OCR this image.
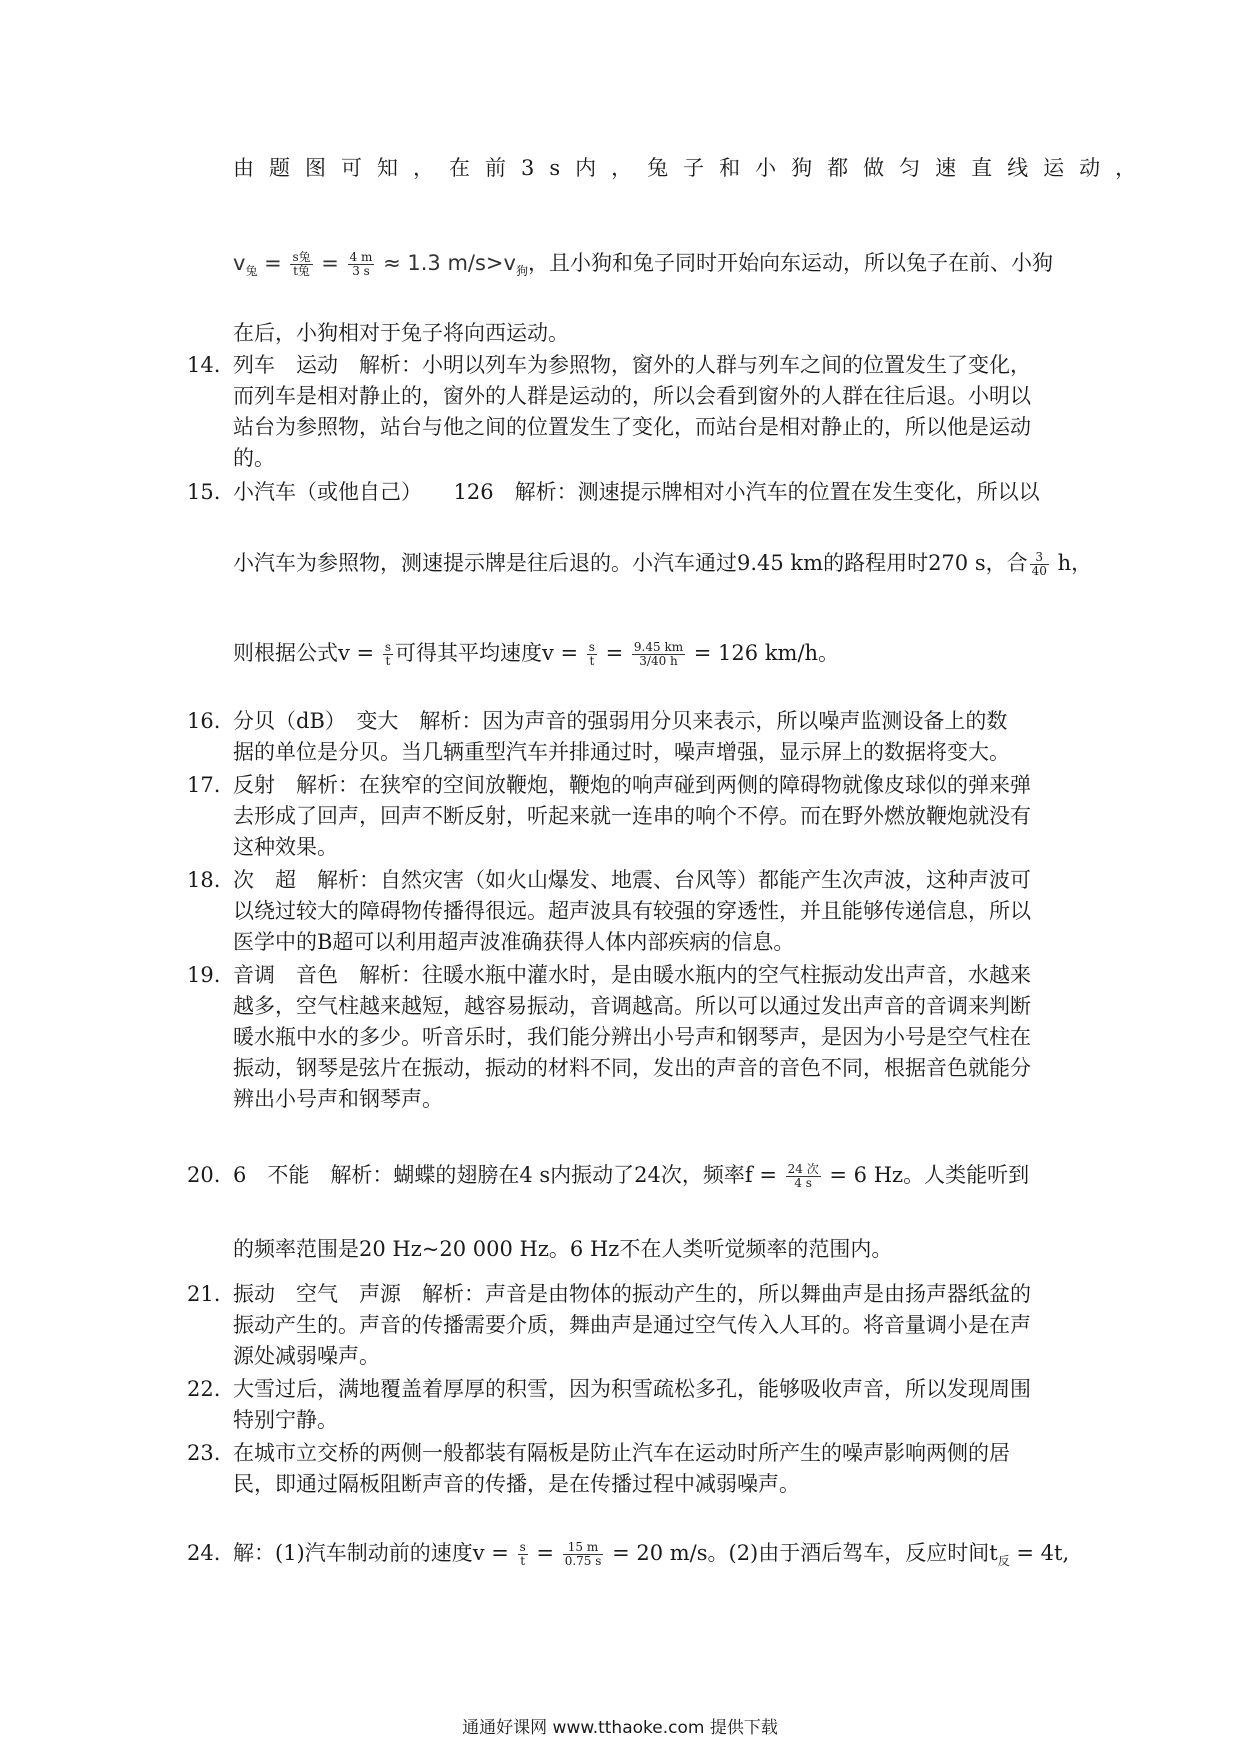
由题图可知，在前3s内，兔子和小狗都做匀速直线运动，
$v_兔 = \frac{\text{s兔}}{\text{t兔}} = \frac{4 m}{3 s} \approx 1.3$ $m/s>v_狗$，且小狗和兔子同时开始向东运动，所以兔子在前、小狗
在后，小狗相对于兔子将向西运动。
14. 列车　运动　解析：小明以列车为参照物，窗外的人群与列车之间的位置发生了变化，
而列车是相对静止的，窗外的人群是运动的，所以会看到窗外的人群在往后退。小明以
站台为参照物，站台与他之间的位置发生了变化，而站台是相对静止的，所以他是运动
的。
15. 小汽车（或他自己）　　126　解析：测速提示牌相对小汽车的位置在发生变化，所以以
小汽车为参照物，测速提示牌是往后退的。小汽车通过9.45 km的路程用时270 s，合 $\frac{3}{40}$ h，
则根据公式$v = \frac{s}{t}$ 可得其平均速度$v = \frac{s}{t} = \frac{9.45 km}{3/40 h} = 126$ km/h。
16. 分贝（dB）　变大　解析：因为声音的强弱用分贝来表示，所以噪声监测设备上的数
据的单位是分贝。当几辆重型汽车并排通过时，噪声增强，显示屏上的数据将变大。
17. 反射　解析：在狭窄的空间放鞭炮，鞭炮的响声碰到两侧的障碍物就像皮球似的弹来弹
去形成了回声，回声不断反射，听起来就一连串的响个不停。而在野外燃放鞭炮就没有
这种效果。
18. 次　超　解析：自然灾害（如火山爆发、地震、台风等）都能产生次声波，这种声波可
以绕过较大的障碍物传播得很远。超声波具有较强的穿透性，并且能够传递信息，所以
医学中的B超可以利用超声波准确获得人体内部疾病的信息。
19. 音调　音色　解析：往暖水瓶中灌水时，是由暖水瓶内的空气柱振动发出声音，水越来
越多，空气柱越来越短，越容易振动，音调越高。所以可以通过发出声音的音调来判断
暖水瓶中水的多少。听音乐时，我们能分辨出小号声和钢琴声，是因为小号是空气柱在
振动，钢琴是弦片在振动，振动的材料不同，发出的声音的音色不同，根据音色就能分
辨出小号声和钢琴声。
20. 6　不能　解析：蝴蝶的翅膀在4 s内振动了24次，频率$f = \frac{\text{24 次}}{4 s} = 6$ Hz。人类能听到
的频率范围是20 Hz~20 000 Hz。6 Hz不在人类听觉频率的范围内。
21. 振动　空气　声源　解析：声音是由物体的振动产生的，所以舞曲声是由扬声器纸盆的
振动产生的。声音的传播需要介质，舞曲声是通过空气传入人耳的。将音量调小是在声
源处减弱噪声。
22. 大雪过后，满地覆盖着厚厚的积雪，因为积雪疏松多孔，能够吸收声音，所以发现周围
特别宁静。
23. 在城市立交桥的两侧一般都装有隔板是防止汽车在运动时所产生的噪声影响两侧的居
民，即通过隔板阻断声音的传播，是在传播过程中减弱噪声。
24. 解：(1)汽车制动前的速度$v = \frac{s}{t} = \frac{15 m}{0.75 s} = 20$ m/s。(2)由于酒后驾车，反应时间$t_反 = 4t$,
通通好课网 www.tthaoke.com 提供下载
